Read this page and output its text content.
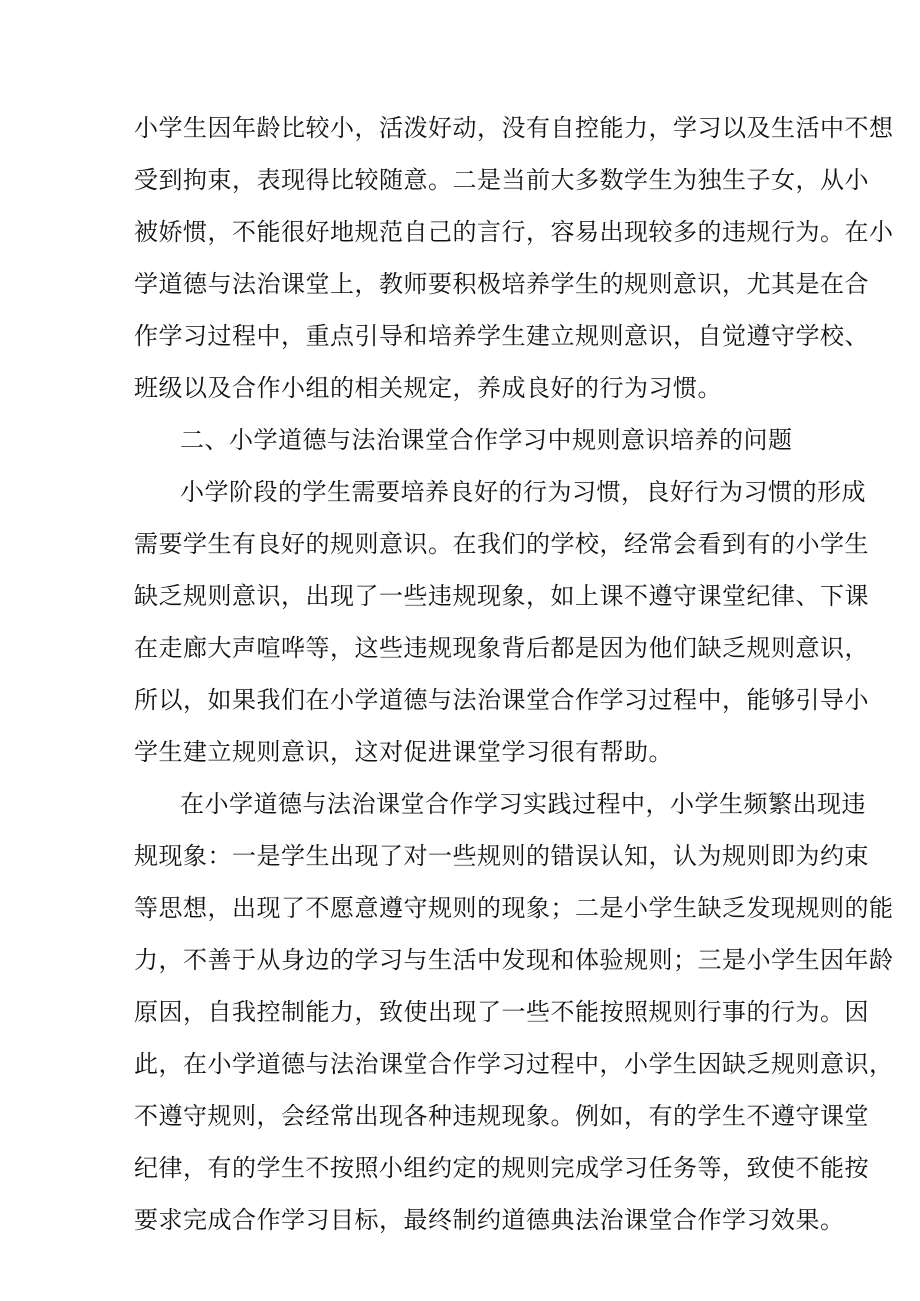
小学生因年龄比较小，活泼好动，没有自控能力，学习以及生活中不想
受到拘束，表现得比较随意。二是当前大多数学生为独生子女，从小
被娇惯，不能很好地规范自己的言行，容易出现较多的违规行为。在小
学道德与法治课堂上，教师要积极培养学生的规则意识，尤其是在合
作学习过程中，重点引导和培养学生建立规则意识，自觉遵守学校、
班级以及合作小组的相关规定，养成良好的行为习惯。
二、小学道德与法治课堂合作学习中规则意识培养的问题
小学阶段的学生需要培养良好的行为习惯，良好行为习惯的形成
需要学生有良好的规则意识。在我们的学校，经常会看到有的小学生
缺乏规则意识，出现了一些违规现象，如上课不遵守课堂纪律、下课
在走廊大声喧哗等，这些违规现象背后都是因为他们缺乏规则意识，
所以，如果我们在小学道德与法治课堂合作学习过程中，能够引导小
学生建立规则意识，这对促进课堂学习很有帮助。
在小学道德与法治课堂合作学习实践过程中，小学生频繁出现违
规现象：一是学生出现了对一些规则的错误认知，认为规则即为约束
等思想，出现了不愿意遵守规则的现象；二是小学生缺乏发现规则的能
力，不善于从身边的学习与生活中发现和体验规则；三是小学生因年龄
原因，自我控制能力，致使出现了一些不能按照规则行事的行为。因
此，在小学道德与法治课堂合作学习过程中，小学生因缺乏规则意识，
不遵守规则，会经常出现各种违规现象。例如，有的学生不遵守课堂
纪律，有的学生不按照小组约定的规则完成学习任务等，致使不能按
要求完成合作学习目标，最终制约道德典法治课堂合作学习效果。
